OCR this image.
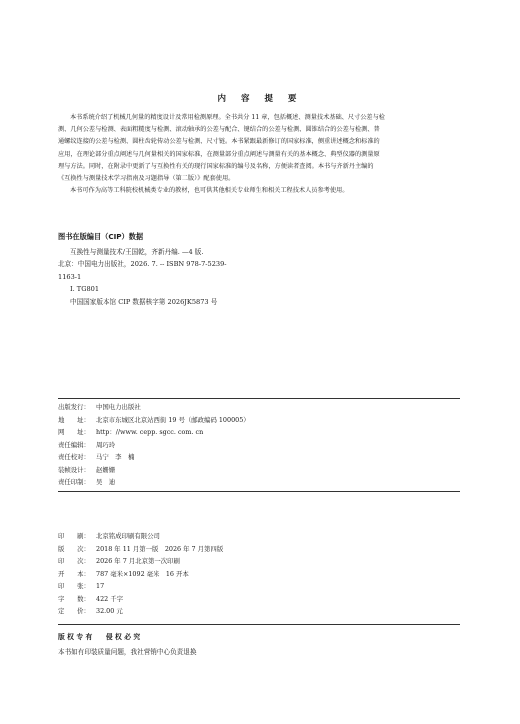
内 容 提 要
本书系统介绍了机械几何量的精度设计及常用检测原理。全书共分 11 章，包括概述、测量技术基础、尺寸公差与检
测、几何公差与检测、表面粗糙度与检测、滚动轴承的公差与配合、键结合的公差与检测、圆锥结合的公差与检测、普
通螺纹连接的公差与检测、圆柱齿轮传动公差与检测、尺寸链。本书紧跟最新修订的国家标准，侧重讲述概念和标准的
应用，在理论部分重点阐述与几何量相关的国家标准，在测量部分重点阐述与测量有关的基本概念、典型仪器的测量原
理与方法。同时，在附录中更新了与互换性有关的现行国家标准的编号及名称，方便读者查阅。本书与齐新丹主编的
《互换性与测量技术学习指南及习题指导（第二版）》配套使用。
本书可作为高等工科院校机械类专业的教材，也可供其他相关专业师生和相关工程技术人员参考使用。
图书在版编目（CIP）数据
互换性与测量技术/王国乾，齐新丹编. —4 版.
北京：中国电力出版社，2026. 7. -- ISBN 978-7-5239-
1163-1
Ⅰ. TG801
中国国家版本馆 CIP 数据核字第 2026JK5873 号
出版发行： 中国电力出版社
地　　址： 北京市东城区北京站西街 19 号（邮政编码 100005）
网　　址： http：//www. cepp. sgcc. com. cn
责任编辑： 周巧玲
责任校对： 马宁　李　楠
装帧设计： 赵姗姗
责任印制： 吴　迪
印　　刷： 北京铭成印刷有限公司
版　　次： 2018 年 11 月第一版　2026 年 7 月第四版
印　　次： 2026 年 7 月北京第一次印刷
开　　本： 787 毫米×1092 毫米　16 开本
印　　张： 17
字　　数： 422 千字
定　　价： 32.00 元
版 权 专 有　　侵 权 必 究
本书如有印装质量问题，我社营销中心负责退换
